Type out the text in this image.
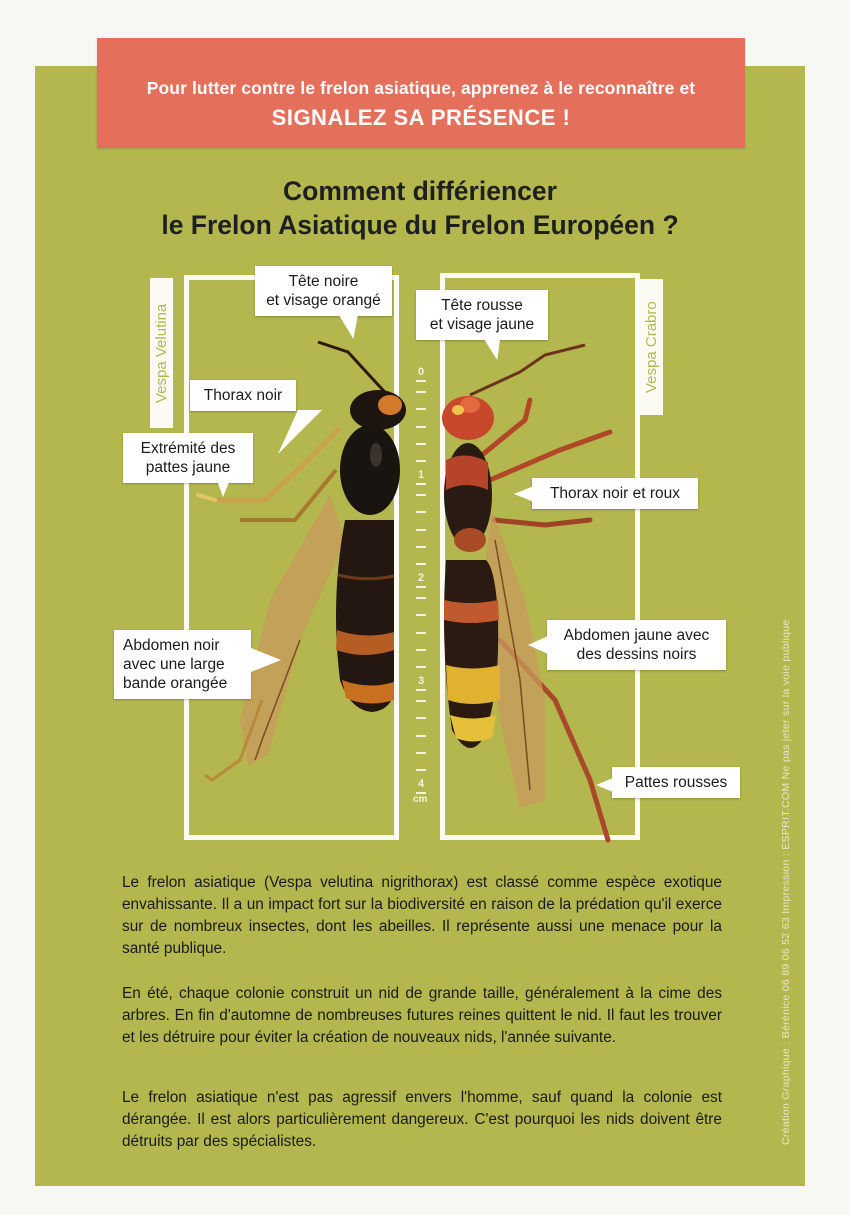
Pour lutter contre le frelon asiatique, apprenez à le reconnaître et
SIGNALEZ SA PRÉSENCE !
Comment différiencer
le Frelon Asiatique du Frelon Européen ?
Vespa Velutina	Vespa Crabro
0
1
2
3
4
cm
Tête noire
et visage orangé	Tête rousse
et visage jaune
Thorax noir
Extrémité des
pattes jaune
Thorax noir et roux
Abdomen jaune avec
des dessins noirs
Abdomen noir
avec une large
bande orangée
Pattes rousses
Le frelon asiatique (Vespa velutina nigrithorax) est classé comme espèce exotique envahissante. Il a un impact fort sur la biodiversité en raison de la prédation qu'il exerce sur de nombreux insectes, dont les abeilles. Il représente aussi une menace pour la santé publique.
En été, chaque colonie construit un nid de grande taille, généralement à la cime des arbres. En fin d'automne de nombreuses futures reines quittent le nid. Il faut les trouver et les détruire pour éviter la création de nouveaux nids, l'année suivante.
Le frelon asiatique n'est pas agressif envers l'homme, sauf quand la colonie est dérangée. Il est alors particulièrement dangereux. C'est pourquoi les nids doivent être détruits par des spécialistes.	Création Graphique : Bérénice 06 89 06 52 63 Impression : ESPRIT.COM Ne pas jeter sur la voie publique
